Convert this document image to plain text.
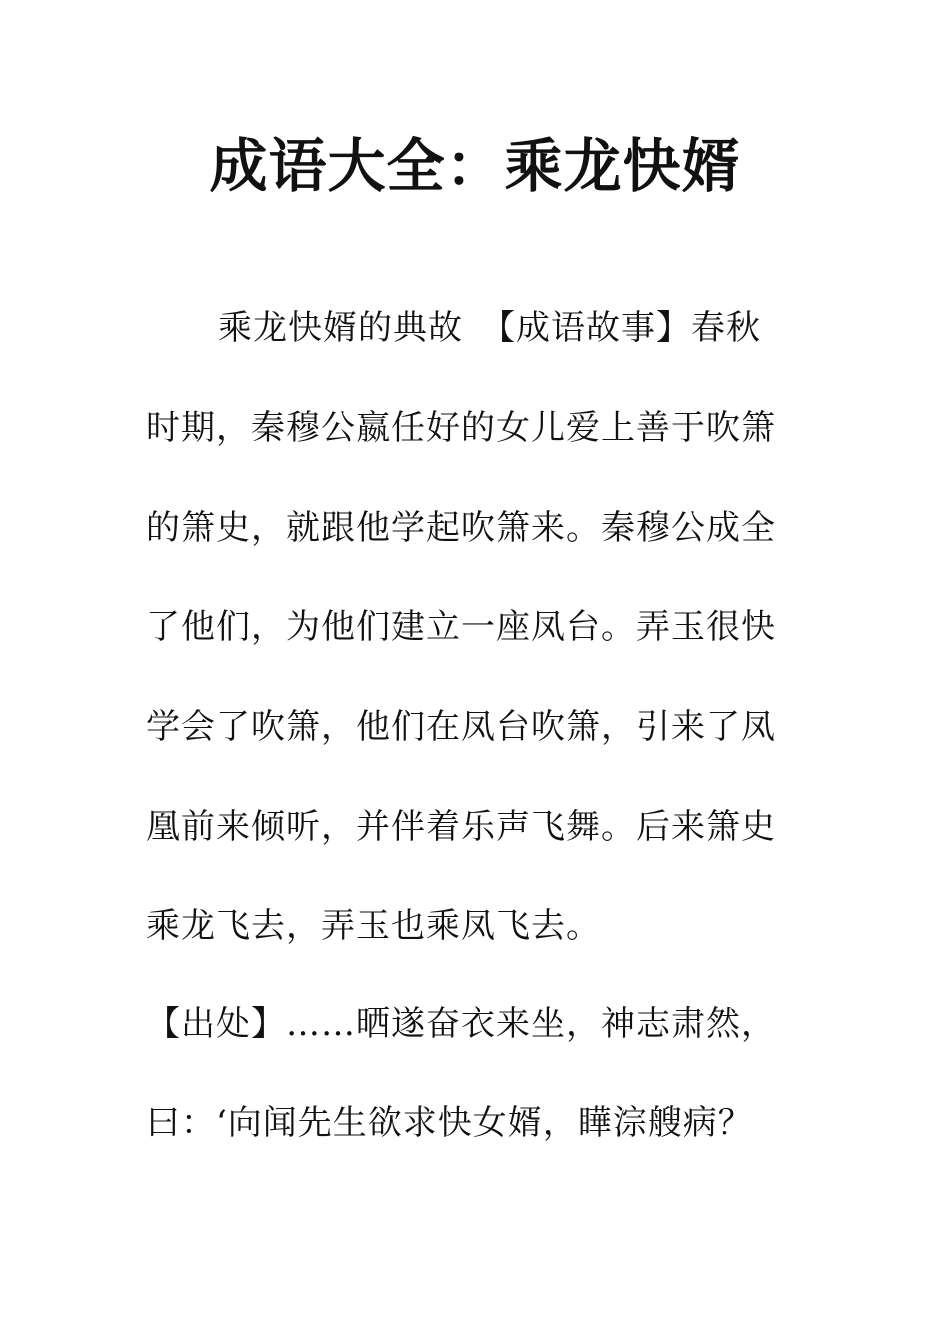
成语大全：乘龙快婿
乘龙快婿的典故　【成语故事】春秋
时期，秦穆公嬴任好的女儿爱上善于吹箫
的箫史，就跟他学起吹箫来。秦穆公成全
了他们，为他们建立一座凤台。弄玉很快
学会了吹箫，他们在凤台吹箫，引来了凤
凰前来倾听，并伴着乐声飞舞。后来箫史
乘龙飞去，弄玉也乘凤飞去。
【出处】……晒遂奋衣来坐，神志肃然，
曰：‘向闻先生欲求快女婿，瞱淙艘病？
